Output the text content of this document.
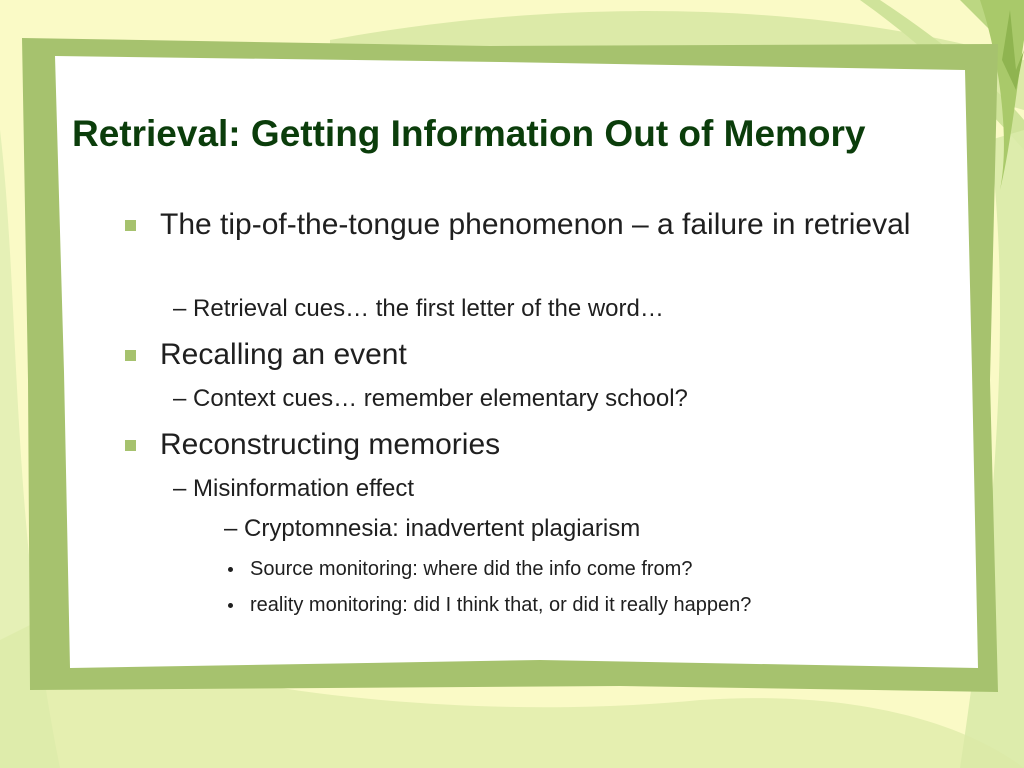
Retrieval: Getting Information Out of Memory
The tip-of-the-tongue phenomenon – a failure in retrieval
– Retrieval cues… the first letter of the word…
Recalling an event
– Context cues… remember elementary school?
Reconstructing memories
– Misinformation effect
– Cryptomnesia: inadvertent plagiarism
Source monitoring: where did the info come from?
reality monitoring: did I think that, or did it really happen?
